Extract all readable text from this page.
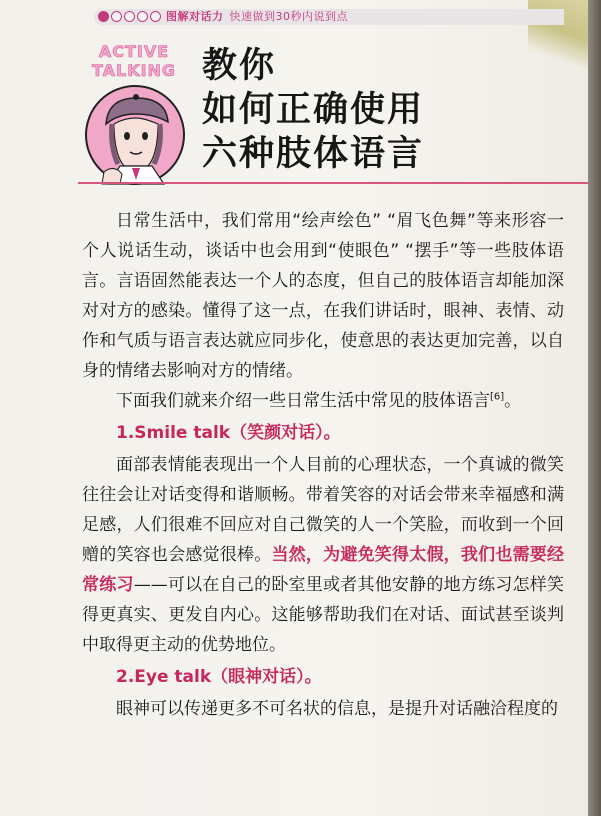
图解对话力 快速做到30秒内说到点
ACTIVE
TALKING 教你
如何正确使用
六种肢体语言

日常生活中，我们常用“绘声绘色” “眉飞色舞”等来形容一个人说话生动，谈话中也会用到“使眼色” “摆手”等一些肢体语言。言语固然能表达一个人的态度，但自己的肢体语言却能加深对对方的感染。懂得了这一点，在我们讲话时，眼神、表情、动作和气质与语言表达就应同步化，使意思的表达更加完善，以自身的情绪去影响对方的情绪。

下面我们就来介绍一些日常生活中常见的肢体语言[6]。

1.Smile talk（笑颜对话）。

面部表情能表现出一个人目前的心理状态，一个真诚的微笑往往会让对话变得和谐顺畅。带着笑容的对话会带来幸福感和满足感，人们很难不回应对自己微笑的人一个笑脸，而收到一个回赠的笑容也会感觉很棒。当然，为避免笑得太假，我们也需要经常练习——可以在自己的卧室里或者其他安静的地方练习怎样笑得更真实、更发自内心。这能够帮助我们在对话、面试甚至谈判中取得更主动的优势地位。

2.Eye talk（眼神对话）。

眼神可以传递更多不可名状的信息，是提升对话融洽程度的
